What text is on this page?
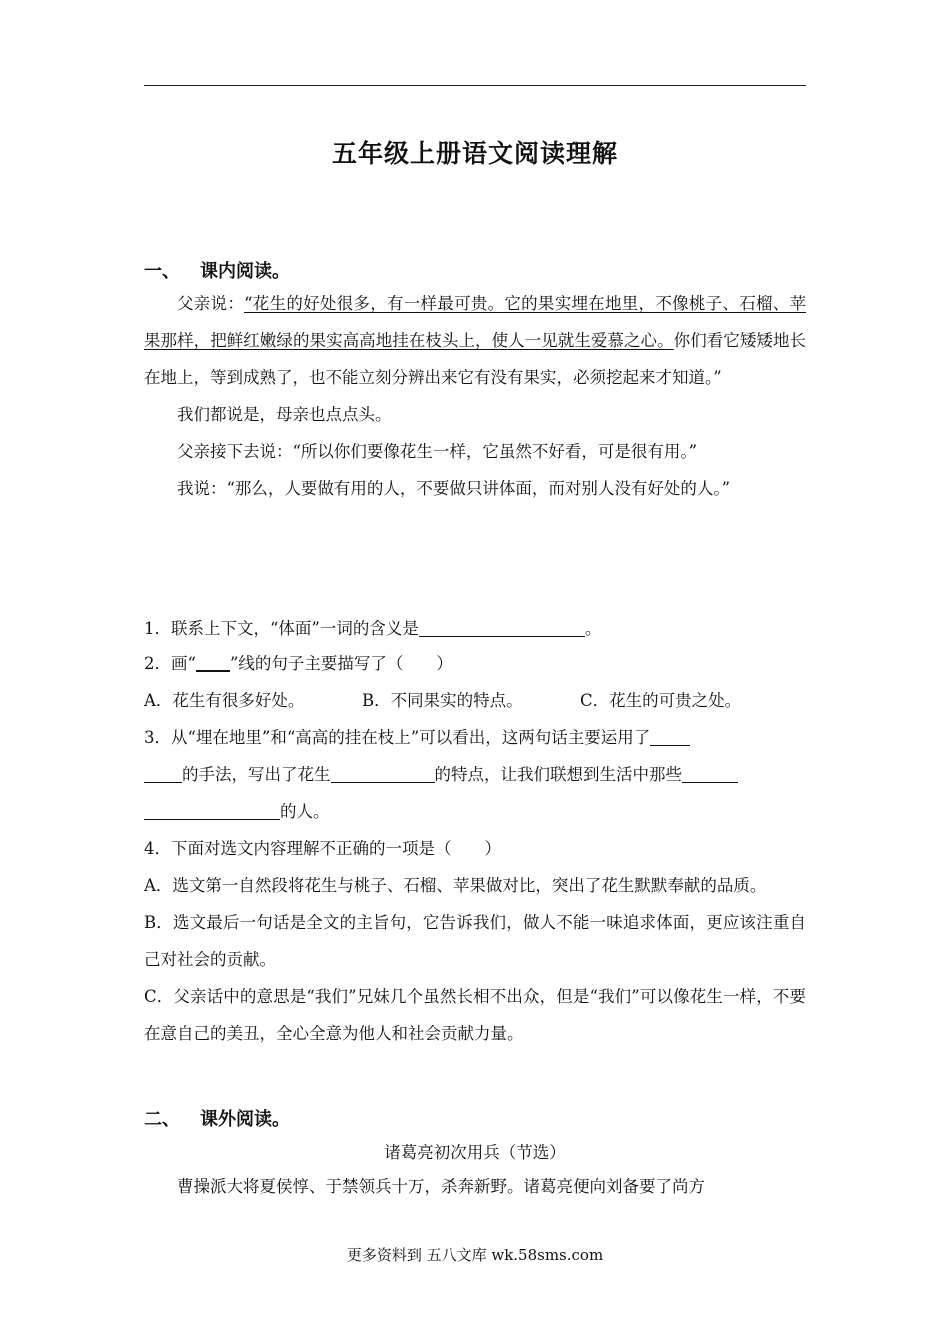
五年级上册语文阅读理解
一、 课内阅读。

父亲说：“花生的好处很多，有一样最可贵。它的果实埋在地里，不像桃子、石榴、苹果那样，把鲜红嫩绿的果实高高地挂在枝头上，使人一见就生爱慕之心。你们看它矮矮地长在地上，等到成熟了，也不能立刻分辨出来它有没有果实，必须挖起来才知道。”

我们都说是，母亲也点点头。

父亲接下去说：“所以你们要像花生一样，它虽然不好看，可是很有用。”

我说：“那么，人要做有用的人，不要做只讲体面，而对别人没有好处的人。”

1．联系上下文，“体面”一词的含义是	。

2．画“ ”线的句子主要描写了（　　）

A．花生有很多好处。	B．不同果实的特点。	C．花生的可贵之处。

3．从“埋在地里”和“高高的挂在枝上”可以看出，这两句话主要运用了

的手法，写出了花生	的特点，让我们联想到生活中那些

的人。

4．下面对选文内容理解不正确的一项是（　　）

A．选文第一自然段将花生与桃子、石榴、苹果做对比，突出了花生默默奉献的品质。

B．选文最后一句话是全文的主旨句，它告诉我们，做人不能一味追求体面，更应该注重自己对社会的贡献。

C．父亲话中的意思是“我们”兄妹几个虽然长相不出众，但是“我们”可以像花生一样，不要在意自己的美丑，全心全意为他人和社会贡献力量。

二、 课外阅读。
诸葛亮初次用兵（节选）

曹操派大将夏侯惇、于禁领兵十万，杀奔新野。诸葛亮便向刘备要了尚方

更多资料到 五八文库 wk.58sms.com
